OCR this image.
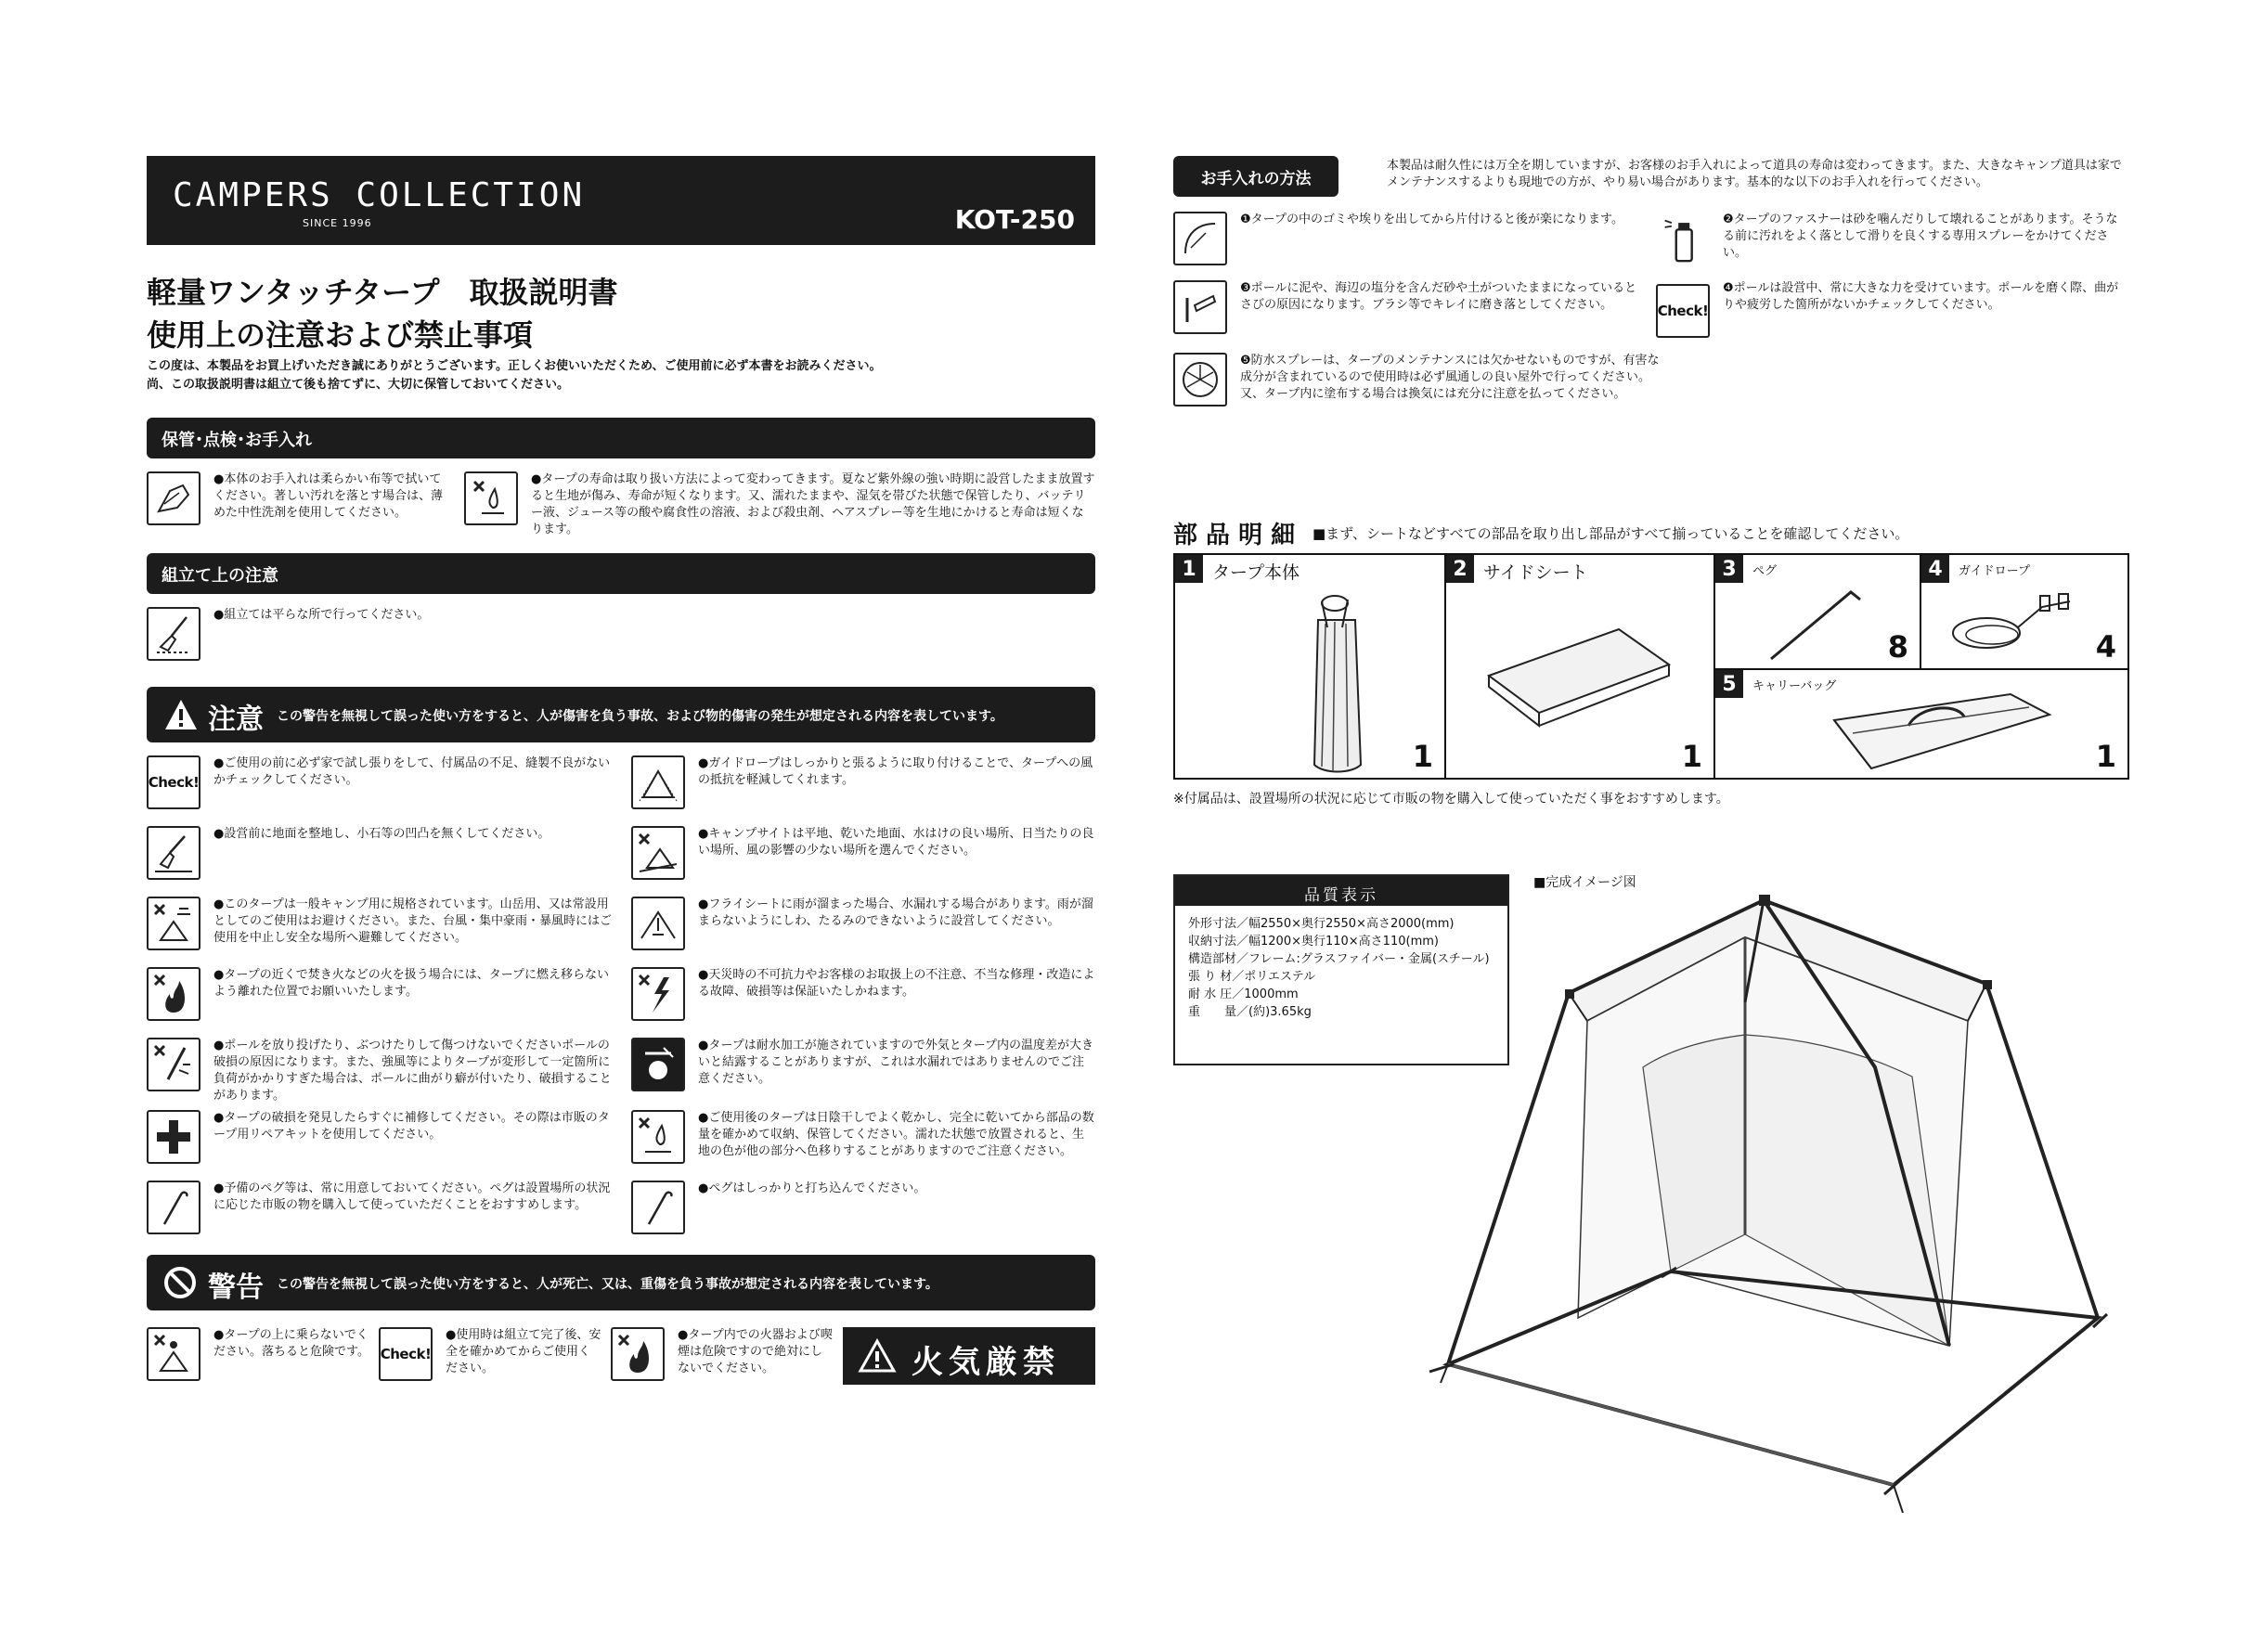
CAMPERS COLLECTION
SINCE 1996	KOT-250
軽量ワンタッチタープ　取扱説明書
使用上の注意および禁止事項
この度は、本製品をお買上げいただき誠にありがとうございます。正しくお使いいただくため、ご使用前に必ず本書をお読みください。
尚、この取扱説明書は組立て後も捨てずに、大切に保管しておいてください。
保管･点検･お手入れ
●本体のお手入れは柔らかい布等で拭いてください。著しい汚れを落とす場合は、薄めた中性洗剤を使用してください。
●タープの寿命は取り扱い方法によって変わってきます。夏など紫外線の強い時期に設営したまま放置すると生地が傷み、寿命が短くなります。又、濡れたままや、湿気を帯びた状態で保管したり、バッテリー液、ジュース等の酸や腐食性の溶液、および殺虫剤、ヘアスプレー等を生地にかけると寿命は短くなります。
組立て上の注意
●組立ては平らな所で行ってください。
注意 この警告を無視して誤った使い方をすると、人が傷害を負う事故、および物的傷害の発生が想定される内容を表しています。
Check!
●ご使用の前に必ず家で試し張りをして、付属品の不足、縫製不良がないかチェックしてください。
●設営前に地面を整地し、小石等の凹凸を無くしてください。
●このタープは一般キャンプ用に規格されています。山岳用、又は常設用としてのご使用はお避けください。また、台風・集中豪雨・暴風時にはご使用を中止し安全な場所へ避難してください。
●タープの近くで焚き火などの火を扱う場合には、タープに燃え移らないよう離れた位置でお願いいたします。
●ポールを放り投げたり、ぶつけたりして傷つけないでくださいポールの破損の原因になります。また、強風等によりタープが変形して一定箇所に負荷がかかりすぎた場合は、ポールに曲がり癖が付いたり、破損することがあります。
●タープの破損を発見したらすぐに補修してください。その際は市販のタープ用リペアキットを使用してください。
●予備のペグ等は、常に用意しておいてください。ペグは設置場所の状況に応じた市販の物を購入して使っていただくことをおすすめします。
●ガイドロープはしっかりと張るように取り付けることで、タープへの風の抵抗を軽減してくれます。
●キャンプサイトは平地、乾いた地面、水はけの良い場所、日当たりの良い場所、風の影響の少ない場所を選んでください。
●フライシートに雨が溜まった場合、水漏れする場合があります。雨が溜まらないようにしわ、たるみのできないように設営してください。
●天災時の不可抗力やお客様のお取扱上の不注意、不当な修理・改造による故障、破損等は保証いたしかねます。
●タープは耐水加工が施されていますので外気とタープ内の温度差が大きいと結露することがありますが、これは水漏れではありませんのでご注意ください。
●ご使用後のタープは日陰干しでよく乾かし、完全に乾いてから部品の数量を確かめて収納、保管してください。濡れた状態で放置されると、生地の色が他の部分へ色移りすることがありますのでご注意ください。
●ペグはしっかりと打ち込んでください。
警告 この警告を無視して誤った使い方をすると、人が死亡、又は、重傷を負う事故が想定される内容を表しています。
●タープの上に乗らないでください。落ちると危険です。 Check!
●使用時は組立て完了後、安全を確かめてからご使用ください。
●タープ内での火器および喫煙は危険ですので絶対にしないでください。	火気厳禁
お手入れの方法
本製品は耐久性には万全を期していますが、お客様のお手入れによって道具の寿命は変わってきます。また、大きなキャンプ道具は家でメンテナンスするよりも現地での方が、やり易い場合があります。基本的な以下のお手入れを行ってください。
❶タープの中のゴミや埃りを出してから片付けると後が楽になります。	❷タープのファスナーは砂を噛んだりして壊れることがあります。そうなる前に汚れをよく落として滑りを良くする専用スプレーをかけてください。
❸ポールに泥や、海辺の塩分を含んだ砂や土がついたままになっているとさびの原因になります。ブラシ等でキレイに磨き落としてください。	Check!
❹ポールは設営中、常に大きな力を受けています。ポールを磨く際、曲がりや疲労した箇所がないかチェックしてください。
❺防水スプレーは、タープのメンテナンスには欠かせないものですが、有害な成分が含まれているので使用時は必ず風通しの良い屋外で行ってください。又、タープ内に塗布する場合は換気には充分に注意を払ってください。
部 品 明 細 ■まず、シートなどすべての部品を取り出し部品がすべて揃っていることを確認してください。
1 タープ本体
1
2 サイドシート
1
3	ペグ
8
4	ガイドロープ
4
5	キャリーバッグ
1
※付属品は、設置場所の状況に応じて市販の物を購入して使っていただく事をおすすめします。
品質表示
外形寸法／幅2550×奥行2550×高さ2000(mm)
収納寸法／幅1200×奥行110×高さ110(mm)
構造部材／フレーム:グラスファイバー・金属(スチール)
張 り 材／ポリエステル
耐 水 圧／1000mm
重　　量／(約)3.65kg
■完成イメージ図
